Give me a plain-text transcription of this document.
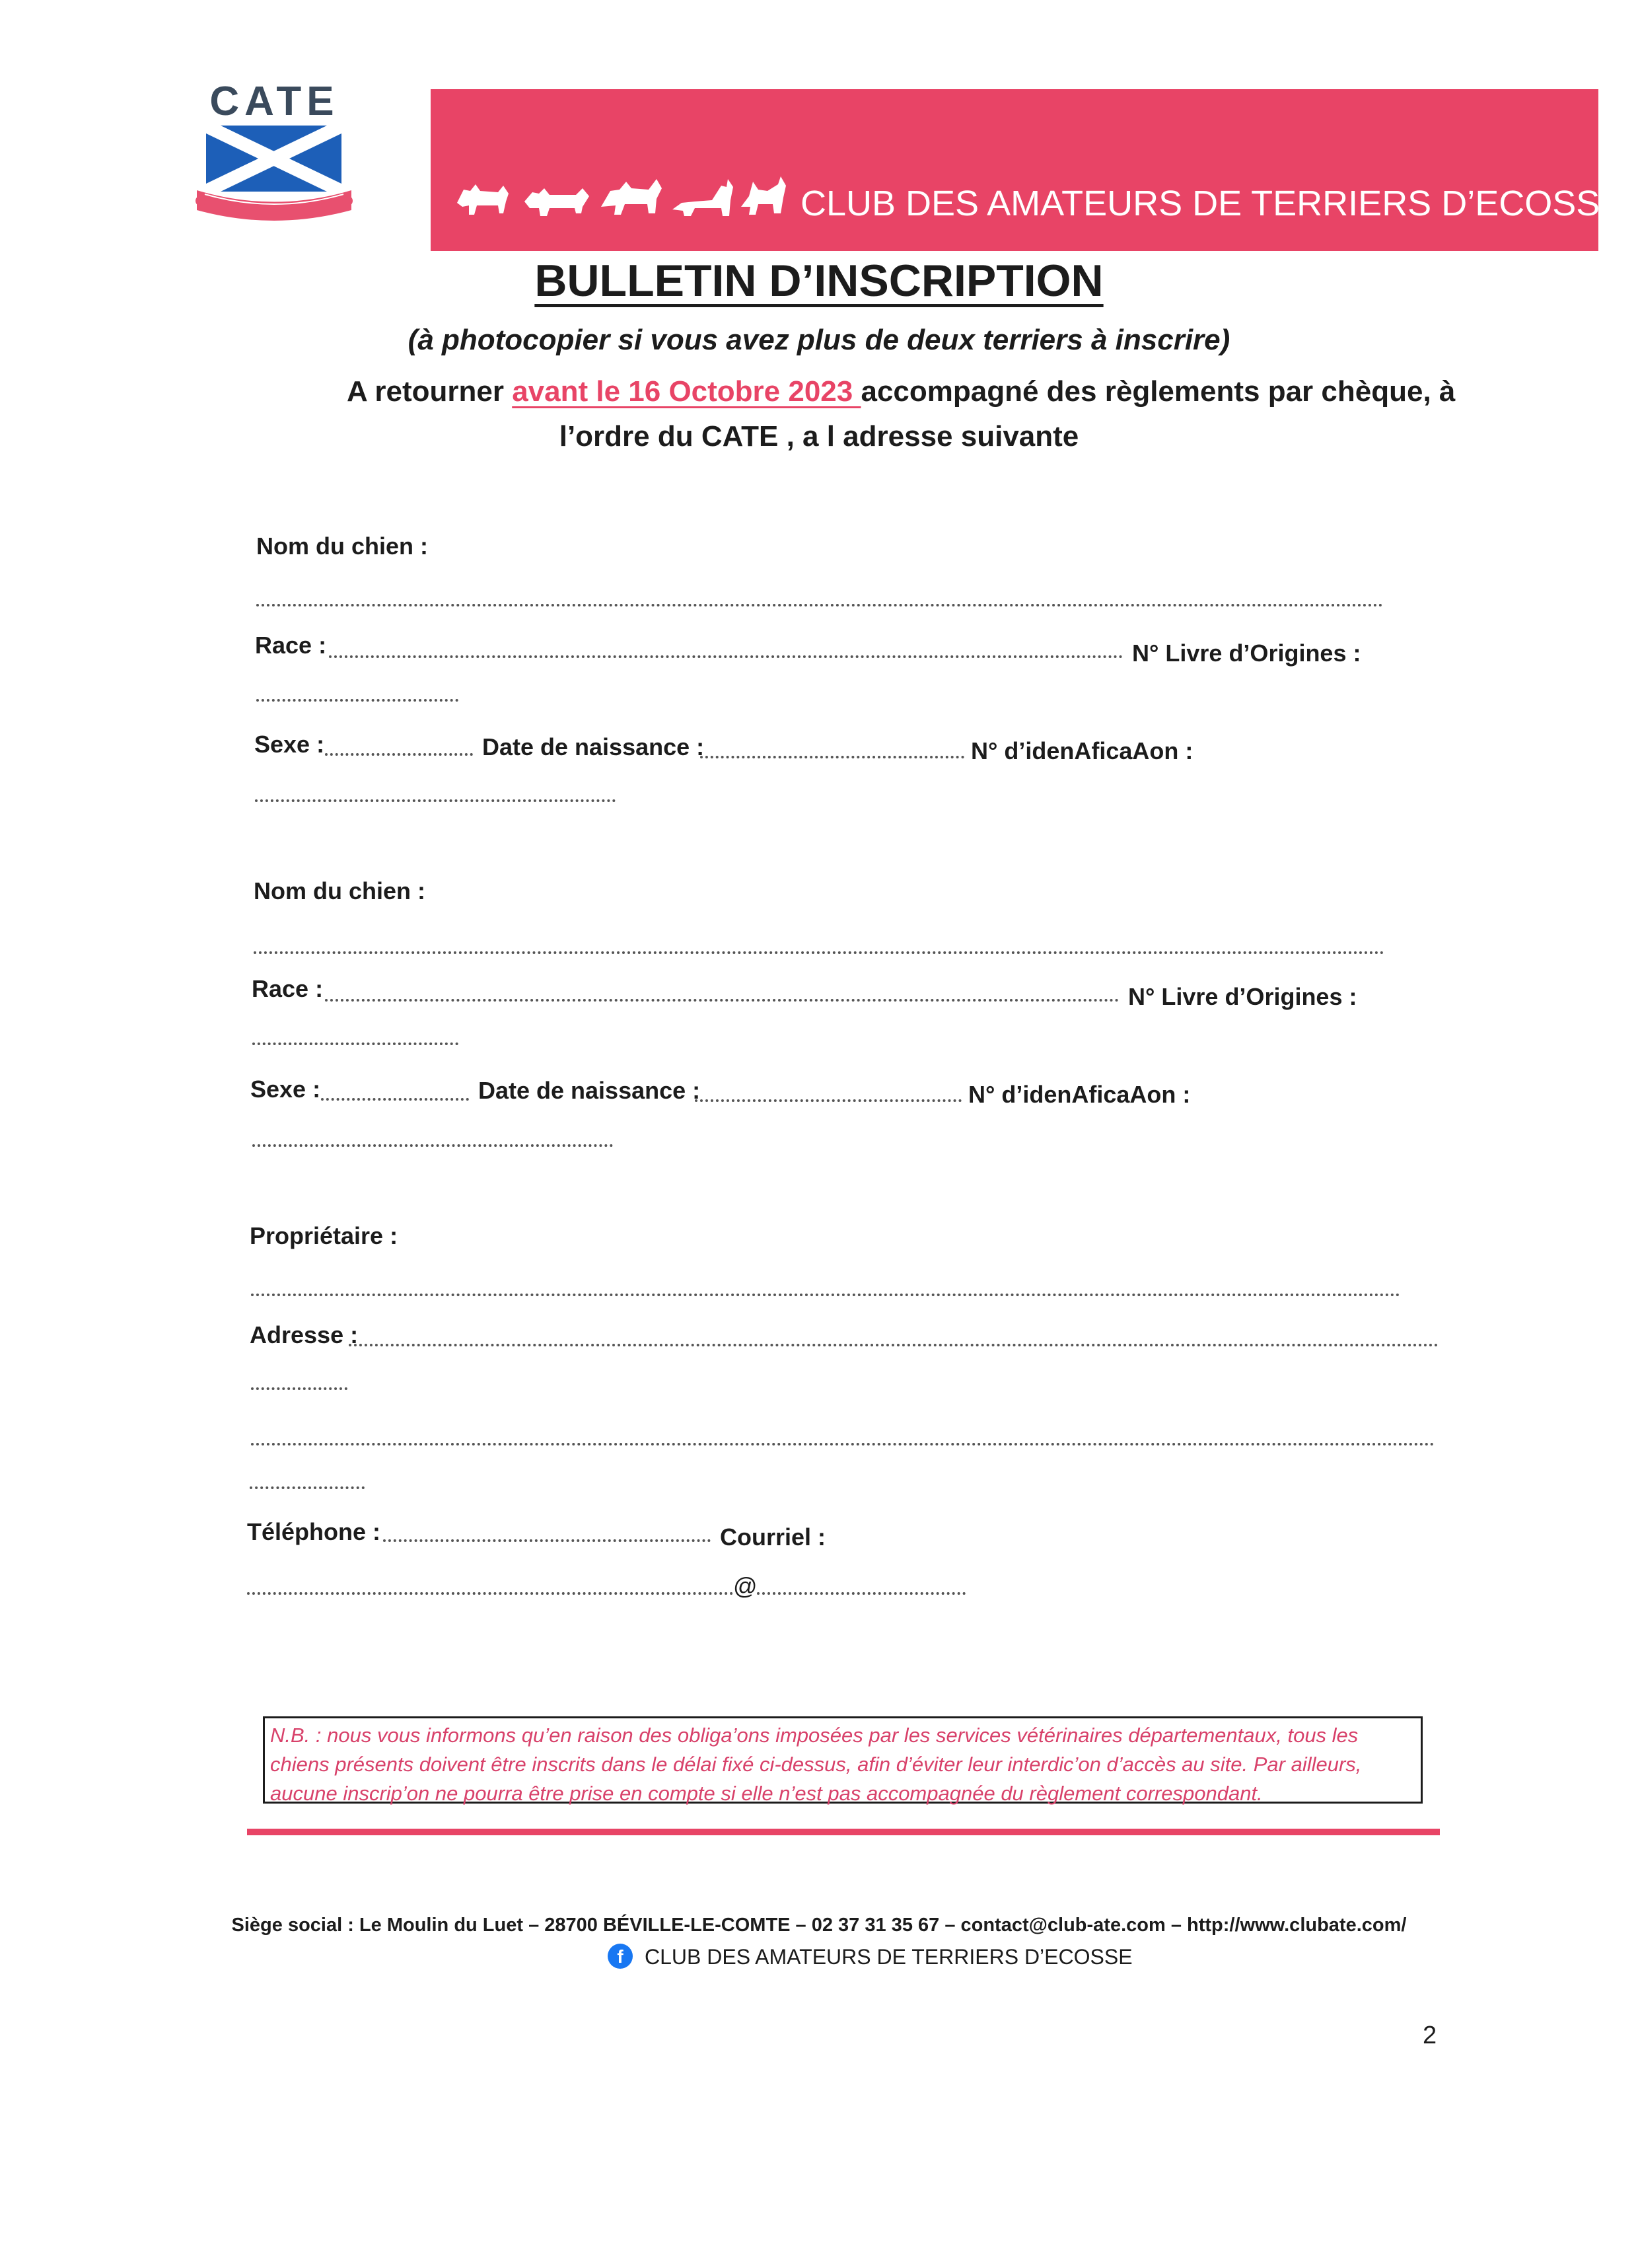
CATE
CLUB DES AMATEURS DE TERRIERS D’ECOSSE
BULLETIN D’INSCRIPTION
(à photocopier si vous avez plus de deux terriers à inscrire)
A retourner avant le 16 Octobre 2023 accompagné des règlements par chèque, à
l’ordre du CATE , a l adresse suivante
Nom du chien :
Race :	N° Livre d’Origines :
Sexe :	Date de naissance :	N° d’idenAficaAon :
Nom du chien :
Race :	N° Livre d’Origines :
Sexe :	Date de naissance :	N° d’idenAficaAon :
Propriétaire :
Adresse :
Téléphone :	Courriel :
@
N.B. : nous vous informons qu’en raison des obliga’ons imposées par les services vétérinaires départementaux, tous les chiens présents doivent être inscrits dans le délai fixé ci-dessus, afin d’éviter leur interdic’on d’accès au site. Par ailleurs, aucune inscrip’on ne pourra être prise en compte si elle n’est pas accompagnée du règlement correspondant.
Siège social : Le Moulin du Luet – 28700 BÉVILLE-LE-COMTE – 02 37 31 35 67 – contact@club-ate.com – http://www.clubate.com/
f	CLUB DES AMATEURS DE TERRIERS D’ECOSSE
2
